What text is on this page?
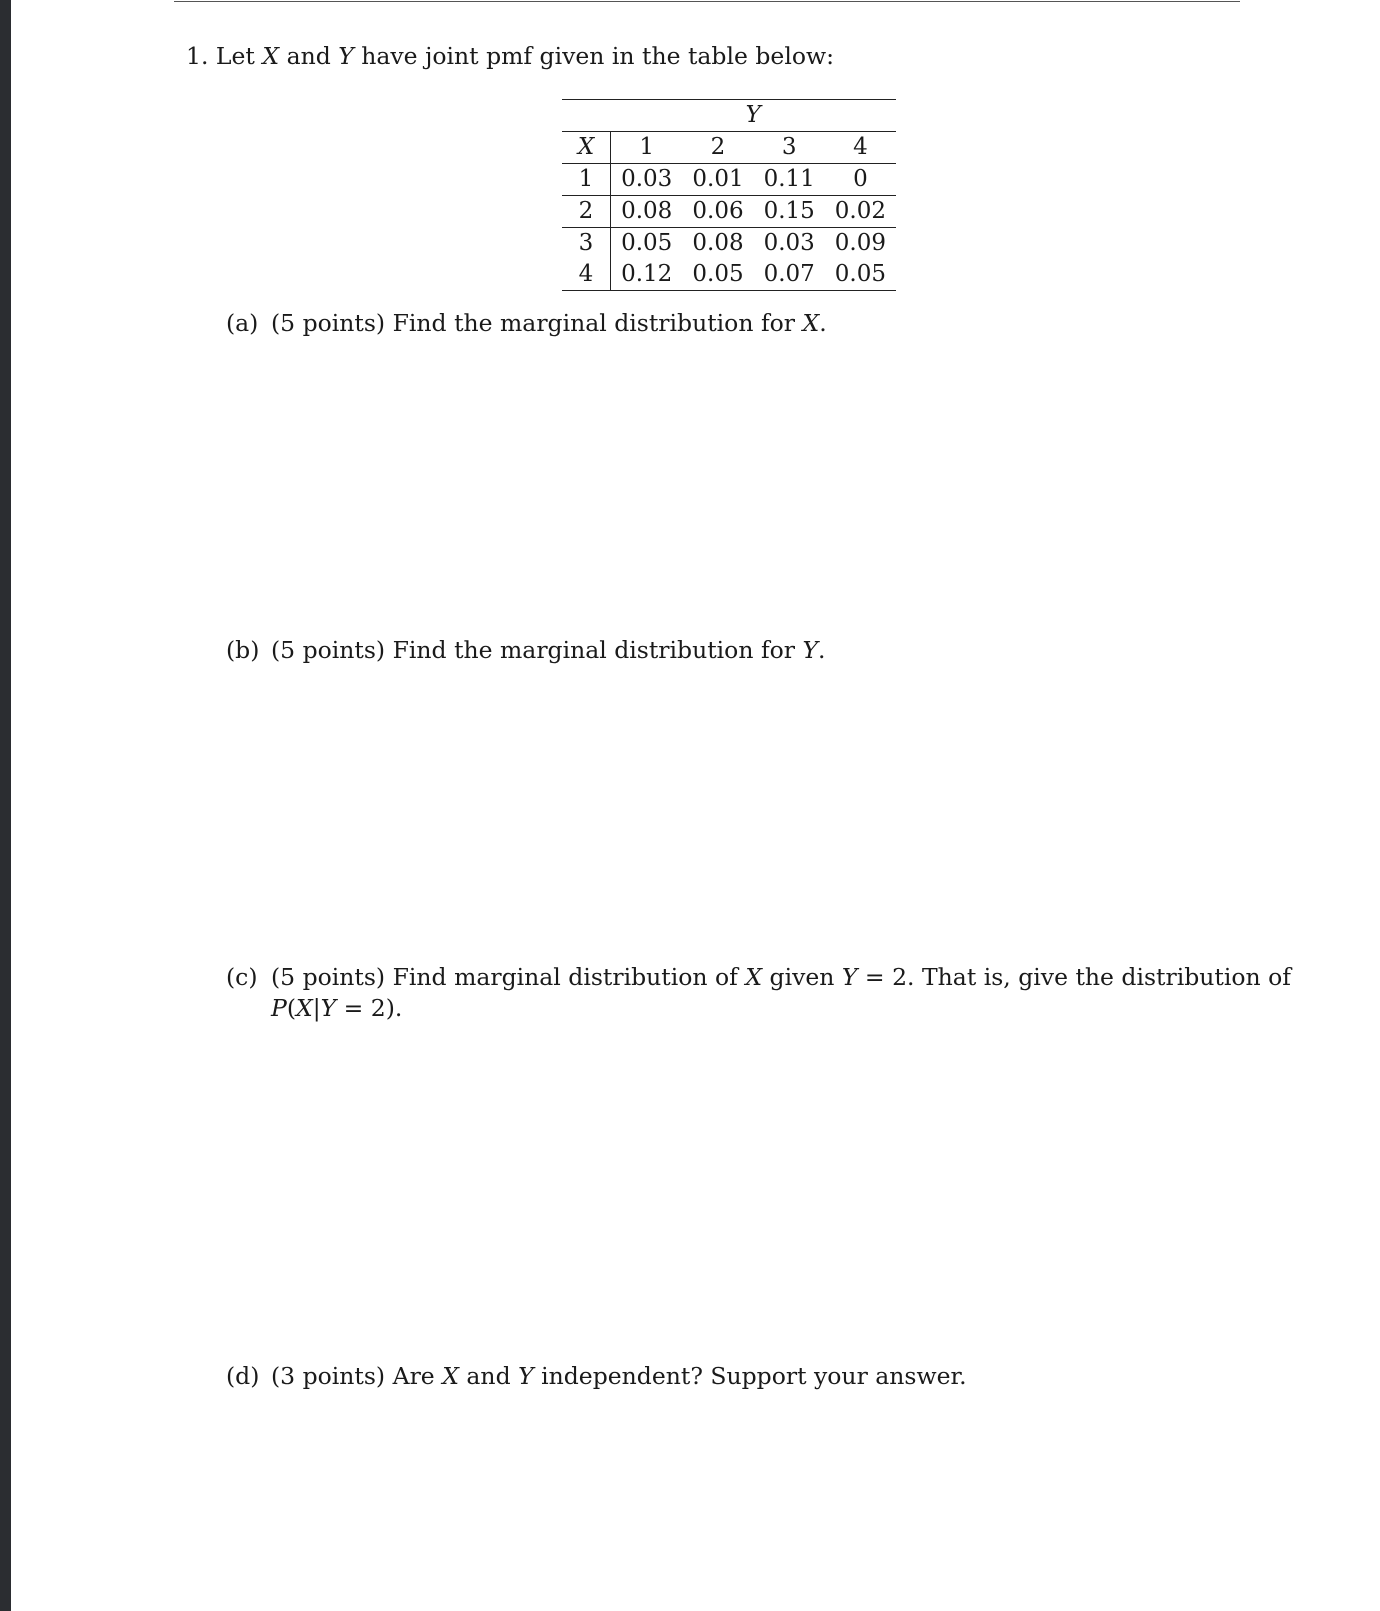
1. Let X and Y have joint pmf given in the table below:
	Y			
X	1	2	3	4
1	0.03	0.01	0.11	0
2	0.08	0.06	0.15	0.02
3	0.05	0.08	0.03	0.09
4	0.12	0.05	0.07	0.05
(a) (5 points) Find the marginal distribution for X.
(b) (5 points) Find the marginal distribution for Y.
(c) (5 points) Find marginal distribution of X given Y = 2. That is, give the distribution of
P(X|Y = 2).
(d) (3 points) Are X and Y independent? Support your answer.
